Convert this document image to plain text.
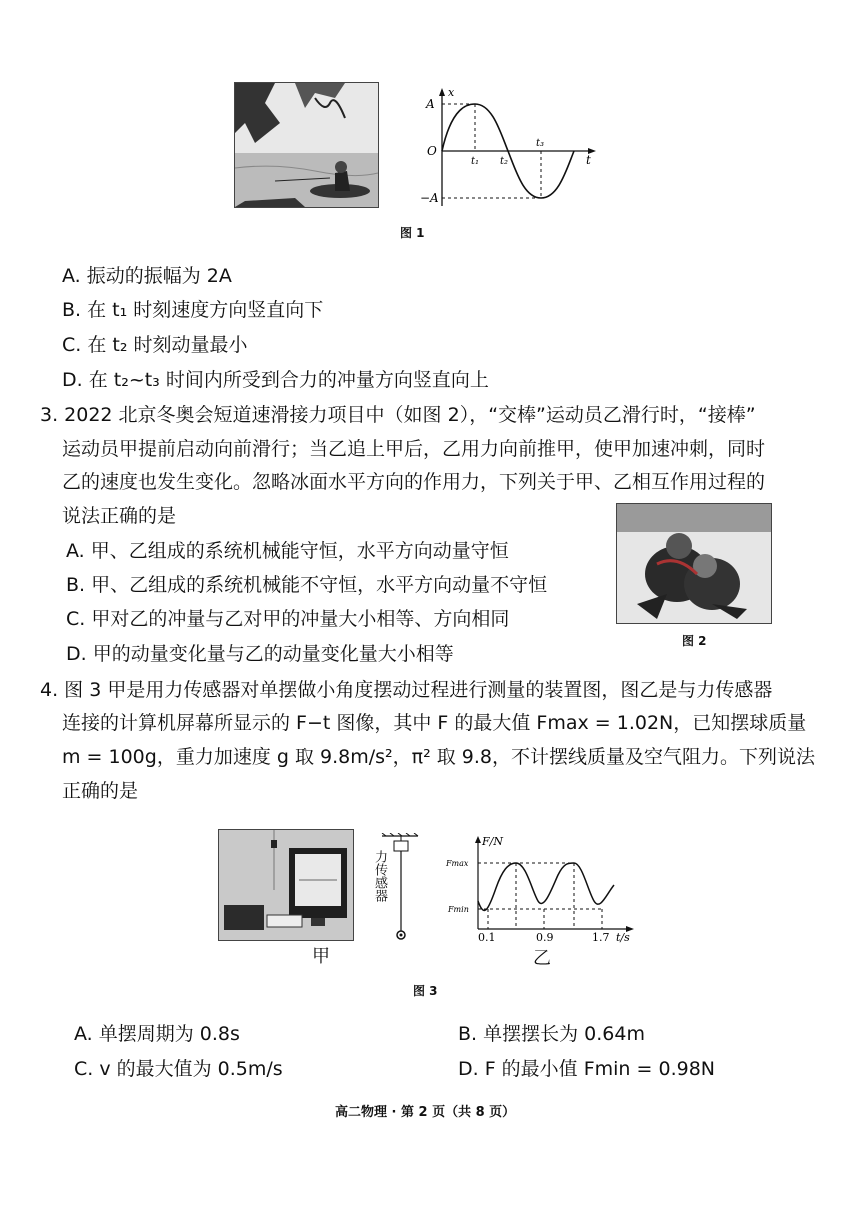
x
A
O
−A
t₁ t₂
t₃
t
图 1
A. 振动的振幅为 2A
B. 在 t₁ 时刻速度方向竖直向下
C. 在 t₂ 时刻动量最小
D. 在 t₂~t₃ 时间内所受到合力的冲量方向竖直向上
3. 2022 北京冬奥会短道速滑接力项目中（如图 2），“交棒”运动员乙滑行时，“接棒”
运动员甲提前启动向前滑行；当乙追上甲后，乙用力向前推甲，使甲加速冲刺，同时
乙的速度也发生变化。忽略冰面水平方向的作用力，下列关于甲、乙相互作用过程的
说法正确的是
A. 甲、乙组成的系统机械能守恒，水平方向动量守恒
B. 甲、乙组成的系统机械能不守恒，水平方向动量不守恒
C. 甲对乙的冲量与乙对甲的冲量大小相等、方向相同
D. 甲的动量变化量与乙的动量变化量大小相等
图 2
4. 图 3 甲是用力传感器对单摆做小角度摆动过程进行测量的装置图，图乙是与力传感器
连接的计算机屏幕所显示的 F−t 图像，其中 F 的最大值 Fmax = 1.02N，已知摆球质量
m = 100g，重力加速度 g 取 9.8m/s²，π² 取 9.8，不计摆线质量及空气阻力。下列说法
正确的是
力传感器
F/N
Fmax
Fmin
0.1	0.9	1.7 t/s
甲	乙
图 3
A. 单摆周期为 0.8s	B. 单摆摆长为 0.64m
C. v 的最大值为 0.5m/s	D. F 的最小值 Fmin = 0.98N
高二物理 · 第 2 页（共 8 页）
